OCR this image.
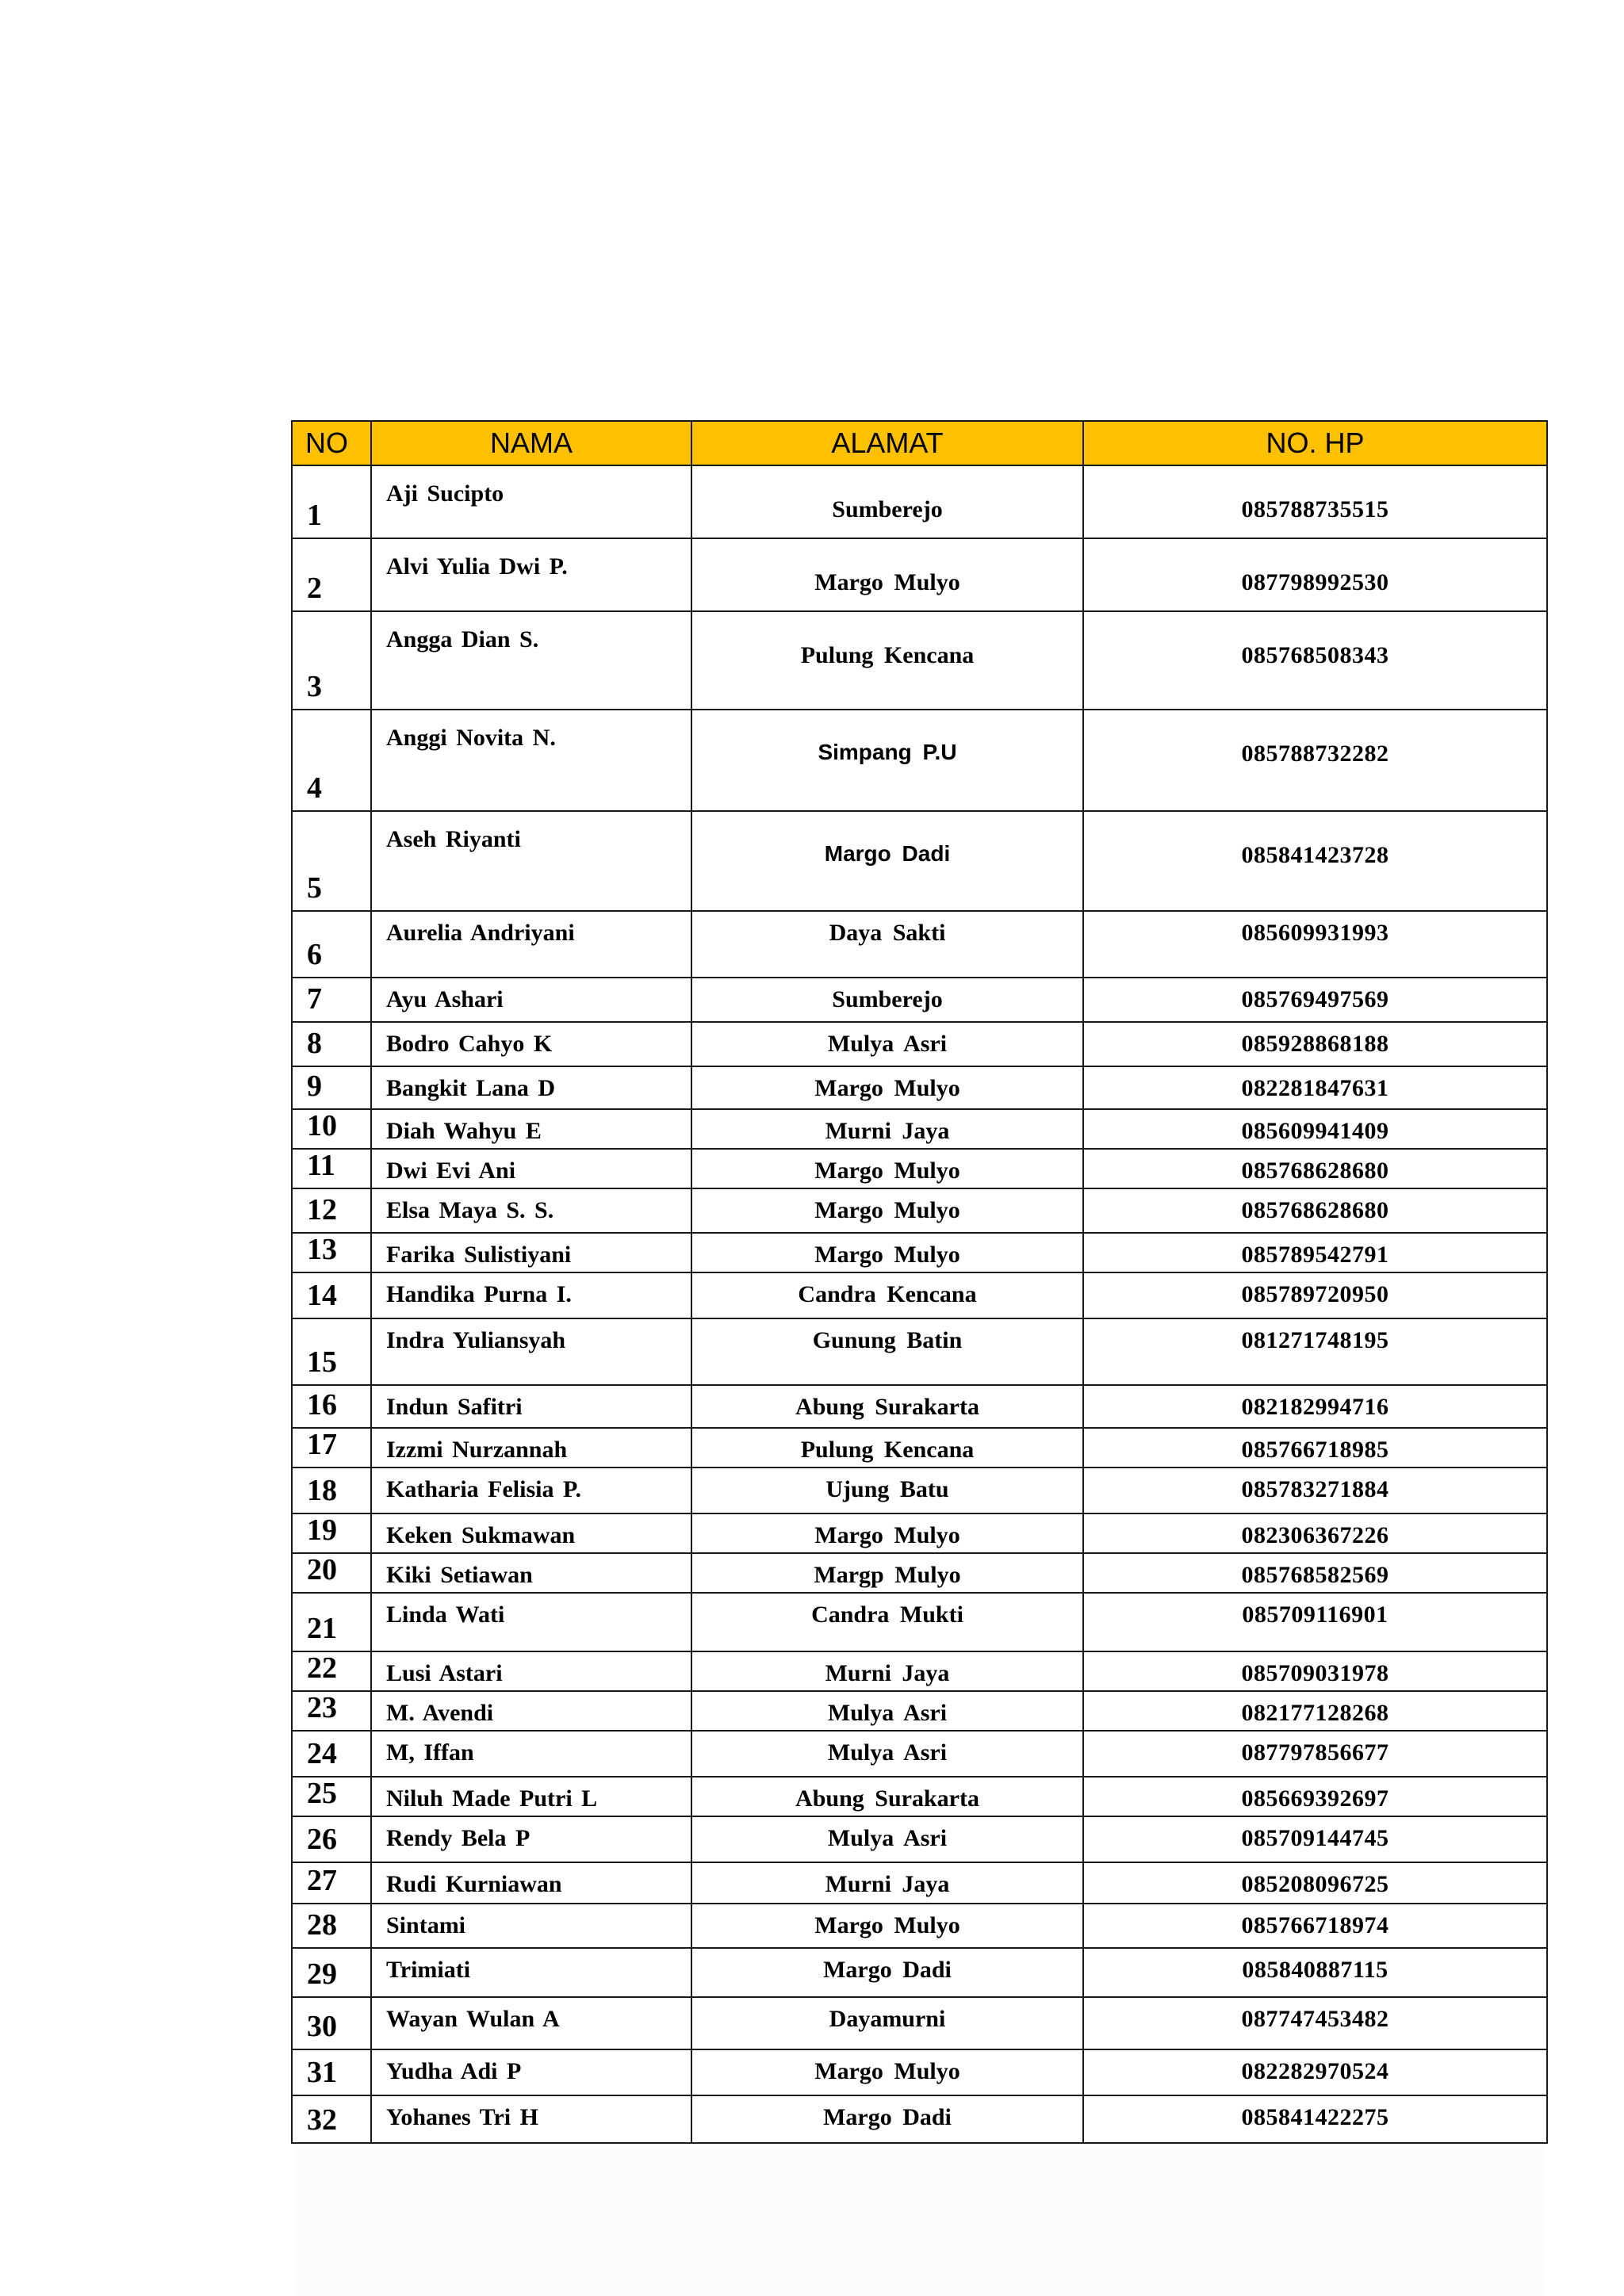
NO	NAMA	ALAMAT	NO. HP
1	Aji Sucipto	Sumberejo	085788735515
2	Alvi Yulia Dwi P.	Margo Mulyo	087798992530
3	Angga Dian S.	Pulung Kencana	085768508343
4	Anggi Novita N.	Simpang P.U	085788732282
5	Aseh Riyanti	Margo Dadi	085841423728
6	Aurelia Andriyani	Daya Sakti	085609931993
7	Ayu Ashari	Sumberejo	085769497569
8	Bodro Cahyo K	Mulya Asri	085928868188
9	Bangkit Lana D	Margo Mulyo	082281847631
10	Diah Wahyu E	Murni Jaya	085609941409
11	Dwi Evi Ani	Margo Mulyo	085768628680
12	Elsa Maya S. S.	Margo Mulyo	085768628680
13	Farika Sulistiyani	Margo Mulyo	085789542791
14	Handika Purna I.	Candra Kencana	085789720950
15	Indra Yuliansyah	Gunung Batin	081271748195
16	Indun Safitri	Abung Surakarta	082182994716
17	Izzmi Nurzannah	Pulung Kencana	085766718985
18	Katharia Felisia P.	Ujung Batu	085783271884
19	Keken Sukmawan	Margo Mulyo	082306367226
20	Kiki Setiawan	Margp Mulyo	085768582569
21	Linda Wati	Candra Mukti	085709116901
22	Lusi Astari	Murni Jaya	085709031978
23	M. Avendi	Mulya Asri	082177128268
24	M, Iffan	Mulya Asri	087797856677
25	Niluh Made Putri L	Abung Surakarta	085669392697
26	Rendy Bela P	Mulya Asri	085709144745
27	Rudi Kurniawan	Murni Jaya	085208096725
28	Sintami	Margo Mulyo	085766718974
29	Trimiati	Margo Dadi	085840887115
30	Wayan Wulan A	Dayamurni	087747453482
31	Yudha Adi P	Margo Mulyo	082282970524
32	Yohanes Tri H	Margo Dadi	085841422275
